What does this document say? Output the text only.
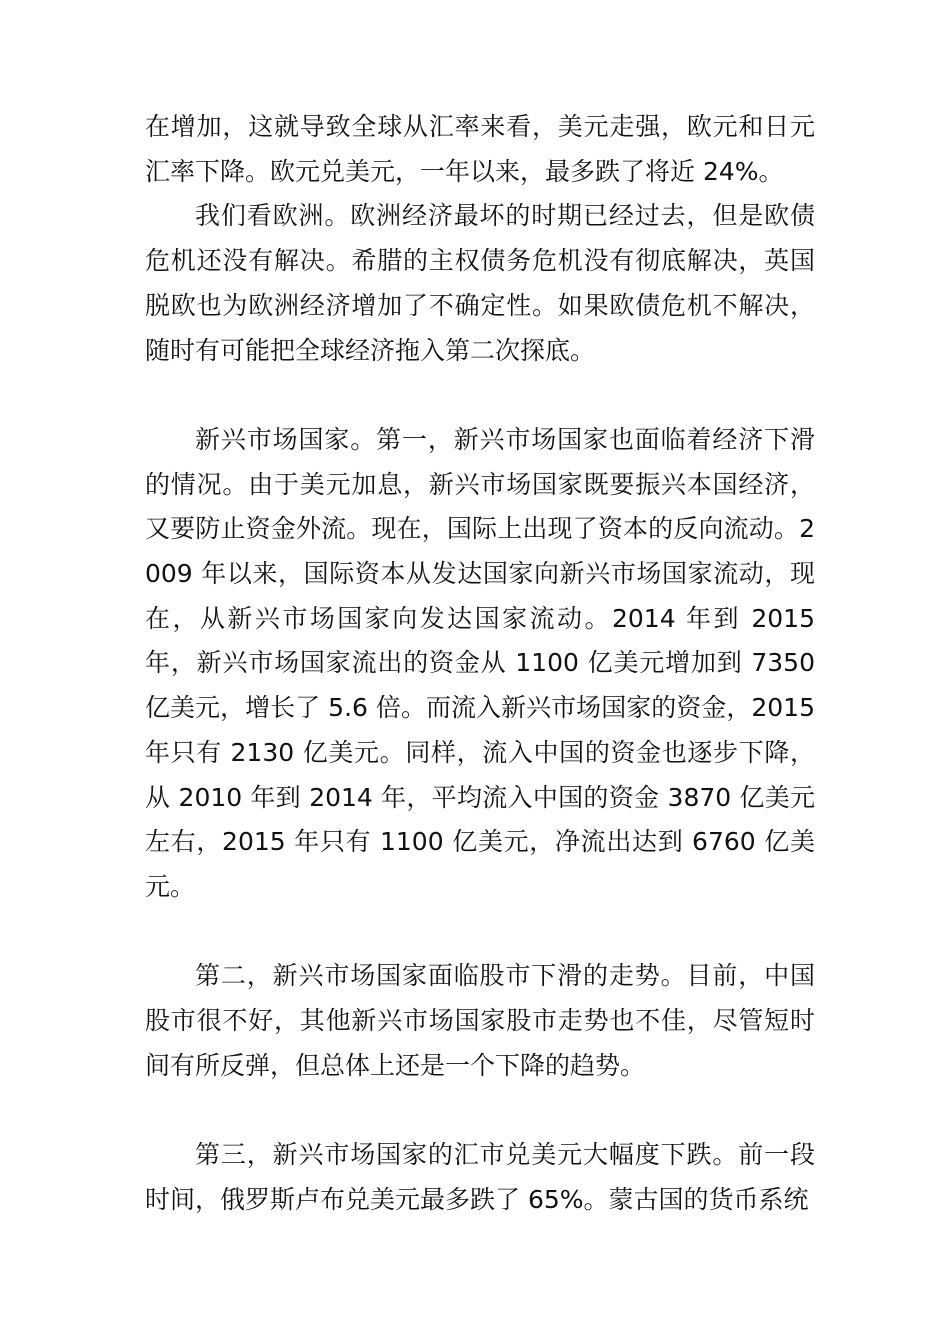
在增加，这就导致全球从汇率来看，美元走强，欧元和日元汇率下降。欧元兑美元，一年以来，最多跌了将近 24%。

我们看欧洲。欧洲经济最坏的时期已经过去，但是欧债危机还没有解决。希腊的主权债务危机没有彻底解决，英国脱欧也为欧洲经济增加了不确定性。如果欧债危机不解决，随时有可能把全球经济拖入第二次探底。

新兴市场国家。第一，新兴市场国家也面临着经济下滑的情况。由于美元加息，新兴市场国家既要振兴本国经济，又要防止资金外流。现在，国际上出现了资本的反向流动。2009 年以来，国际资本从发达国家向新兴市场国家流动，现在，从新兴市场国家向发达国家流动。2014 年到 2015 年，新兴市场国家流出的资金从 1100 亿美元增加到 7350 亿美元，增长了 5.6 倍。而流入新兴市场国家的资金，2015 年只有 2130 亿美元。同样，流入中国的资金也逐步下降，从 2010 年到 2014 年，平均流入中国的资金 3870 亿美元左右，2015 年只有 1100 亿美元，净流出达到 6760 亿美元。

第二，新兴市场国家面临股市下滑的走势。目前，中国股市很不好，其他新兴市场国家股市走势也不佳，尽管短时间有所反弹，但总体上还是一个下降的趋势。

第三，新兴市场国家的汇市兑美元大幅度下跌。前一段时间，俄罗斯卢布兑美元最多跌了 65%。蒙古国的货币系统
